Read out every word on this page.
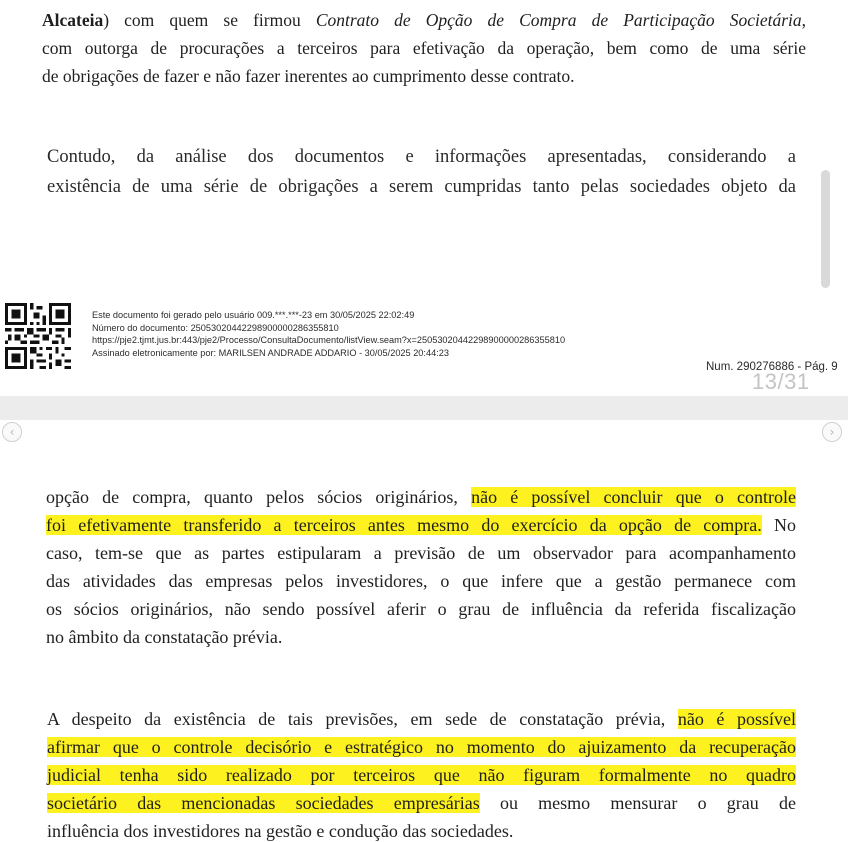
Alcateia) com quem se firmou Contrato de Opção de Compra de Participação Societária,
com outorga de procurações a terceiros para efetivação da operação, bem como de uma série
de obrigações de fazer e não fazer inerentes ao cumprimento desse contrato.
Contudo, da análise dos documentos e informações apresentadas, considerando a
existência de uma série de obrigações a serem cumpridas tanto pelas sociedades objeto da
Este documento foi gerado pelo usuário 009.***.***-23 em 30/05/2025 22:02:49
Número do documento: 25053020442298900000286355810
https://pje2.tjmt.jus.br:443/pje2/Processo/ConsultaDocumento/listView.seam?x=25053020442298900000286355810
Assinado eletronicamente por: MARILSEN ANDRADE ADDARIO - 30/05/2025 20:44:23
Num. 290276886 - Pág. 9
13/31
‹	›
opção de compra, quanto pelos sócios originários, não é possível concluir que o controle
foi efetivamente transferido a terceiros antes mesmo do exercício da opção de compra. No
caso, tem-se que as partes estipularam a previsão de um observador para acompanhamento
das atividades das empresas pelos investidores, o que infere que a gestão permanece com
os sócios originários, não sendo possível aferir o grau de influência da referida fiscalização
no âmbito da constatação prévia.
A despeito da existência de tais previsões, em sede de constatação prévia, não é possível
afirmar que o controle decisório e estratégico no momento do ajuizamento da recuperação
judicial tenha sido realizado por terceiros que não figuram formalmente no quadro
societário das mencionadas sociedades empresárias ou mesmo mensurar o grau de
influência dos investidores na gestão e condução das sociedades.
